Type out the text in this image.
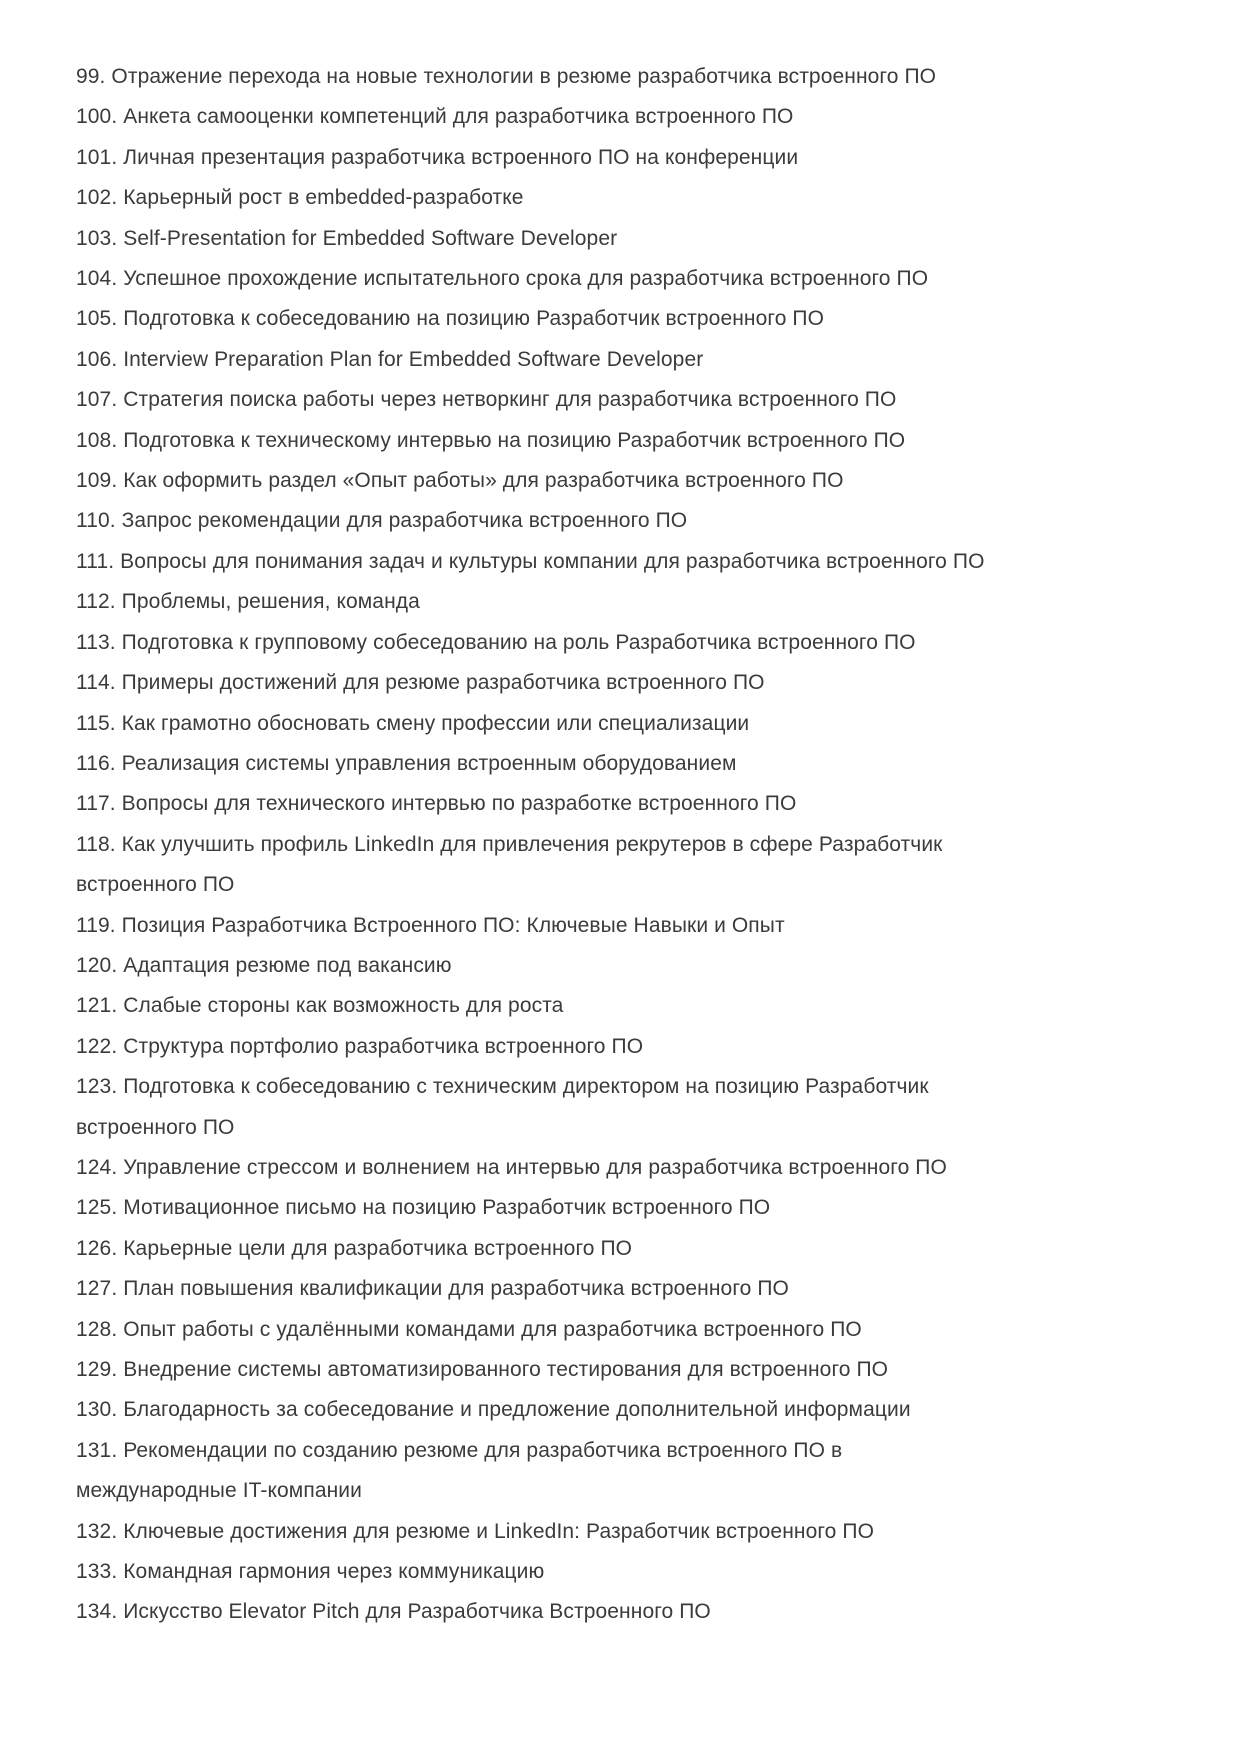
99. Отражение перехода на новые технологии в резюме разработчика встроенного ПО
100. Анкета самооценки компетенций для разработчика встроенного ПО
101. Личная презентация разработчика встроенного ПО на конференции
102. Карьерный рост в embedded-разработке
103. Self-Presentation for Embedded Software Developer
104. Успешное прохождение испытательного срока для разработчика встроенного ПО
105. Подготовка к собеседованию на позицию Разработчик встроенного ПО
106. Interview Preparation Plan for Embedded Software Developer
107. Стратегия поиска работы через нетворкинг для разработчика встроенного ПО
108. Подготовка к техническому интервью на позицию Разработчик встроенного ПО
109. Как оформить раздел «Опыт работы» для разработчика встроенного ПО
110. Запрос рекомендации для разработчика встроенного ПО
111. Вопросы для понимания задач и культуры компании для разработчика встроенного ПО
112. Проблемы, решения, команда
113. Подготовка к групповому собеседованию на роль Разработчика встроенного ПО
114. Примеры достижений для резюме разработчика встроенного ПО
115. Как грамотно обосновать смену профессии или специализации
116. Реализация системы управления встроенным оборудованием
117. Вопросы для технического интервью по разработке встроенного ПО
118. Как улучшить профиль LinkedIn для привлечения рекрутеров в сфере Разработчик
встроенного ПО
119. Позиция Разработчика Встроенного ПО: Ключевые Навыки и Опыт
120. Адаптация резюме под вакансию
121. Слабые стороны как возможность для роста
122. Структура портфолио разработчика встроенного ПО
123. Подготовка к собеседованию с техническим директором на позицию Разработчик
встроенного ПО
124. Управление стрессом и волнением на интервью для разработчика встроенного ПО
125. Мотивационное письмо на позицию Разработчик встроенного ПО
126. Карьерные цели для разработчика встроенного ПО
127. План повышения квалификации для разработчика встроенного ПО
128. Опыт работы с удалёнными командами для разработчика встроенного ПО
129. Внедрение системы автоматизированного тестирования для встроенного ПО
130. Благодарность за собеседование и предложение дополнительной информации
131. Рекомендации по созданию резюме для разработчика встроенного ПО в
международные IT-компании
132. Ключевые достижения для резюме и LinkedIn: Разработчик встроенного ПО
133. Командная гармония через коммуникацию
134. Искусство Elevator Pitch для Разработчика Встроенного ПО
